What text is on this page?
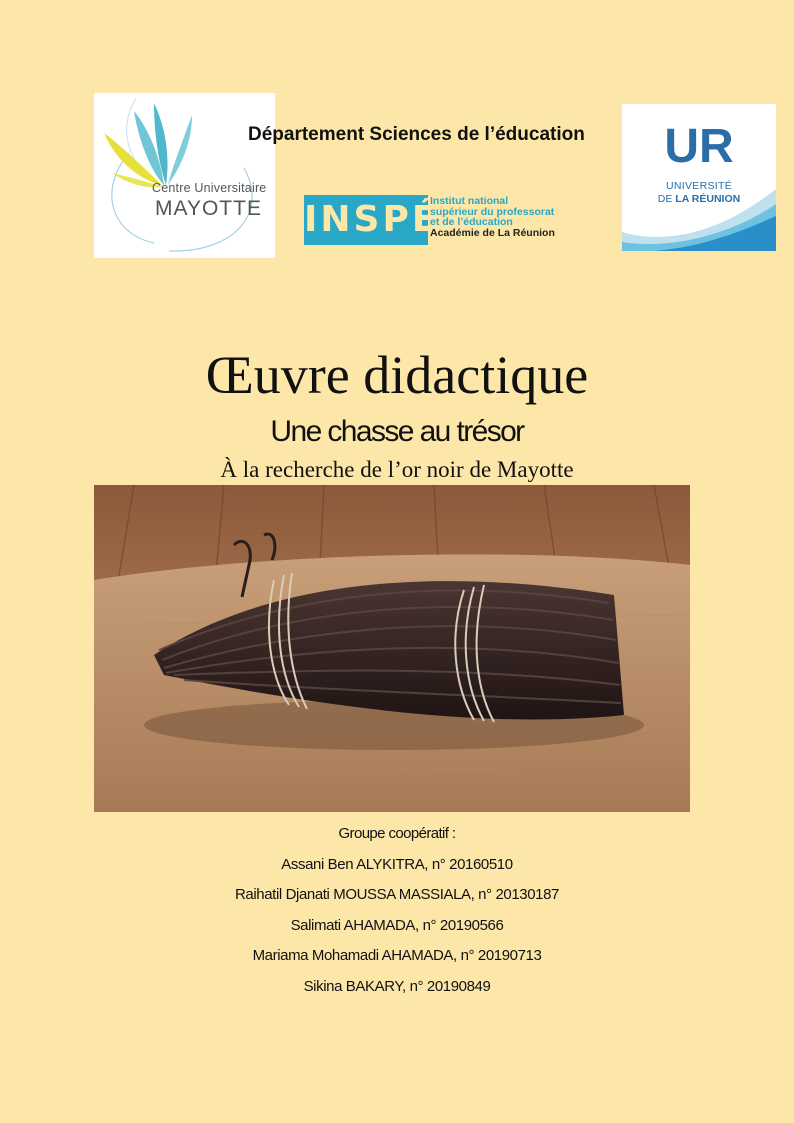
Centre Universitaire
MAYOTTE
Département Sciences de l’éducation
INSPÉ
Institut national
supérieur du professorat
et de l’éducation
Académie de La Réunion
UR
UNIVERSITÉ
DE LA RÉUNION
Œuvre didactique
Une chasse au trésor
À la recherche de l’or noir de Mayotte
Groupe coopératif :
Assani Ben ALYKITRA, n° 20160510
Raihatil Djanati MOUSSA MASSIALA, n° 20130187
Salimati AHAMADA, n° 20190566
Mariama Mohamadi AHAMADA, n° 20190713
Sikina BAKARY, n° 20190849
